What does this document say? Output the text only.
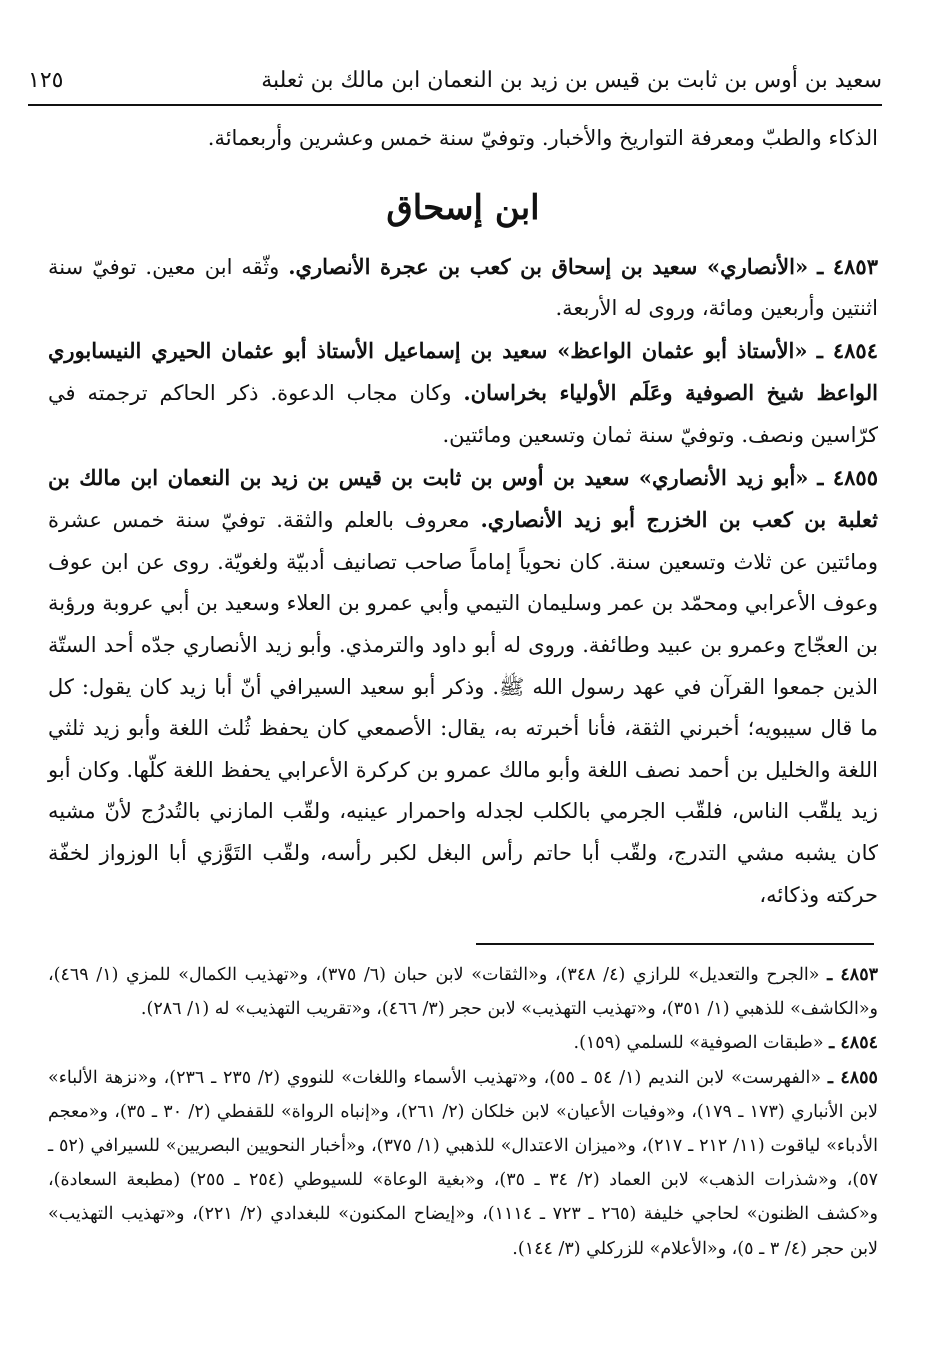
سعيد بن أوس بن ثابت بن قيس بن زيد بن النعمان ابن مالك بن ثعلبة
١٢٥

الذكاء والطبّ ومعرفة التواريخ والأخبار. وتوفيّ سنة خمس وعشرين وأربعمائة.

ابن إسحاق

٤٨٥٣ ـ «الأنصاري» سعيد بن إسحاق بن كعب بن عجرة الأنصاري. وثّقه ابن معين. توفيّ سنة اثنتين وأربعين ومائة، وروى له الأربعة.

٤٨٥٤ ـ «الأستاذ أبو عثمان الواعظ» سعيد بن إسماعيل الأستاذ أبو عثمان الحيري النيسابوري الواعظ شيخ الصوفية وعَلَم الأولياء بخراسان. وكان مجاب الدعوة. ذكر الحاكم ترجمته في كرّاسين ونصف. وتوفيّ سنة ثمان وتسعين ومائتين.

٤٨٥٥ ـ «أبو زيد الأنصاري» سعيد بن أوس بن ثابت بن قيس بن زيد بن النعمان ابن مالك بن ثعلبة بن كعب بن الخزرج أبو زيد الأنصاري. معروف بالعلم والثقة. توفيّ سنة خمس عشرة ومائتين عن ثلاث وتسعين سنة. كان نحوياً إماماً صاحب تصانيف أدبيّة ولغويّة. روى عن ابن عوف وعوف الأعرابي ومحمّد بن عمر وسليمان التيمي وأبي عمرو بن العلاء وسعيد بن أبي عروبة ورؤبة بن العجّاج وعمرو بن عبيد وطائفة. وروى له أبو داود والترمذي. وأبو زيد الأنصاري جدّه أحد الستّة الذين جمعوا القرآن في عهد رسول الله ﷺ. وذكر أبو سعيد السيرافي أنّ أبا زيد كان يقول: كل ما قال سيبويه؛ أخبرني الثقة، فأنا أخبرته به، يقال: الأصمعي كان يحفظ ثُلث اللغة وأبو زيد ثلثي اللغة والخليل بن أحمد نصف اللغة وأبو مالك عمرو بن كركرة الأعرابي يحفظ اللغة كلّها. وكان أبو زيد يلقّب الناس، فلقّب الجرمي بالكلب لجدله واحمرار عينيه، ولقّب المازني بالتُدرُج لأنّ مشيه كان يشبه مشي التدرج، ولقّب أبا حاتم رأس البغل لكبر رأسه، ولقّب التَوَّزي أبا الوزواز لخفّة حركته وذكائه،

٤٨٥٣ ـ «الجرح والتعديل» للرازي (٤/ ٣٤٨)، و«الثقات» لابن حبان (٦/ ٣٧٥)، و«تهذيب الكمال» للمزي (١/ ٤٦٩)، و«الكاشف» للذهبي (١/ ٣٥١)، و«تهذيب التهذيب» لابن حجر (٣/ ٤٦٦)، و«تقريب التهذيب» له (١/ ٢٨٦).

٤٨٥٤ ـ «طبقات الصوفية» للسلمي (١٥٩).

٤٨٥٥ ـ «الفهرست» لابن النديم (١/ ٥٤ ـ ٥٥)، و«تهذيب الأسماء واللغات» للنووي (٢/ ٢٣٥ ـ ٢٣٦)، و«نزهة الألباء» لابن الأنباري (١٧٣ ـ ١٧٩)، و«وفيات الأعيان» لابن خلكان (٢/ ٢٦١)، و«إنباه الرواة» للقفطي (٢/ ٣٠ ـ ٣٥)، و«معجم الأدباء» لياقوت (١١/ ٢١٢ ـ ٢١٧)، و«ميزان الاعتدال» للذهبي (١/ ٣٧٥)، و«أخبار النحويين البصريين» للسيرافي (٥٢ ـ ٥٧)، و«شذرات الذهب» لابن العماد (٢/ ٣٤ ـ ٣٥)، و«بغية الوعاة» للسيوطي (٢٥٤ ـ ٢٥٥) (مطبعة السعادة)، و«كشف الظنون» لحاجي خليفة (٢٦٥ ـ ٧٢٣ ـ ١١١٤)، و«إيضاح المكنون» للبغدادي (٢/ ٢٢١)، و«تهذيب التهذيب» لابن حجر (٤/ ٣ ـ ٥)، و«الأعلام» للزركلي (٣/ ١٤٤).
